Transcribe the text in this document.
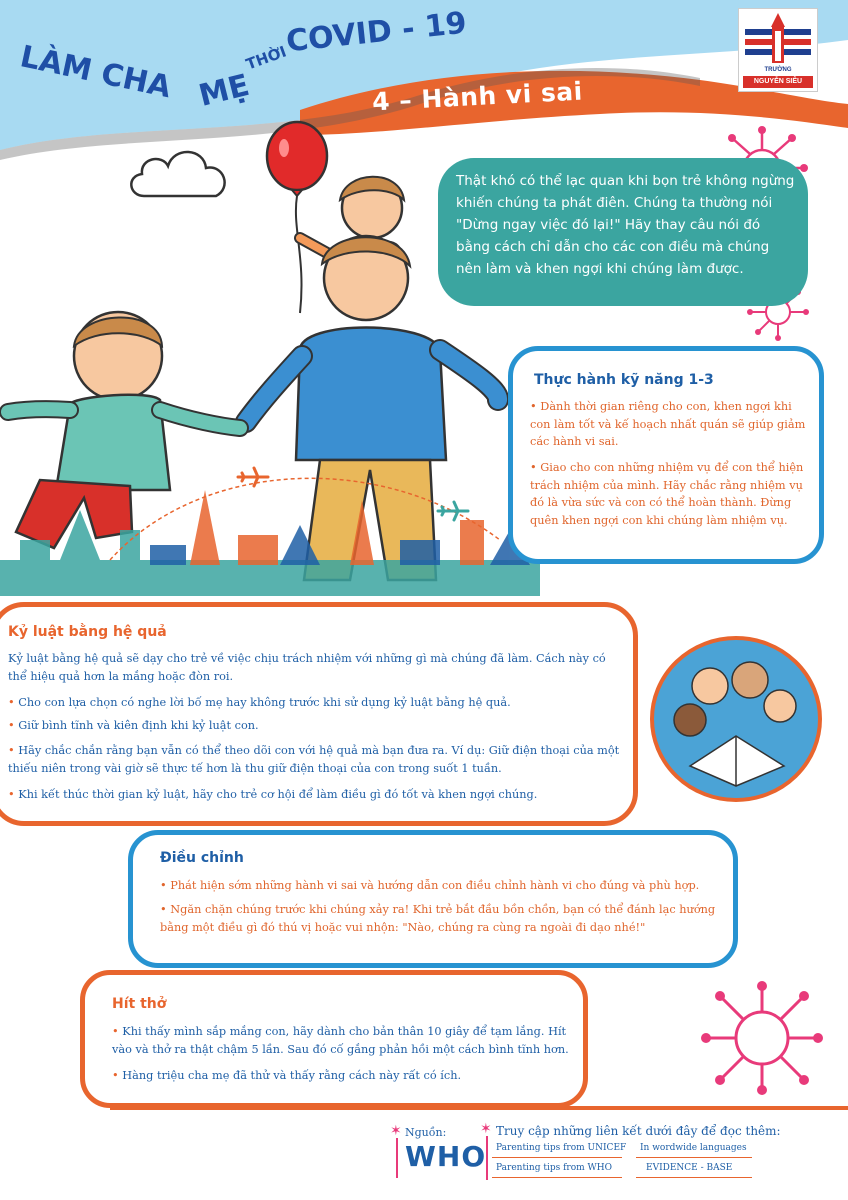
LÀM CHA MẸ
THỜI
COVID - 19
4 – Hành vi sai
TRƯỜNG
NGUYỄN SIÊU
Thật khó có thể lạc quan khi bọn trẻ không ngừng khiến chúng ta phát điên. Chúng ta thường nói "Dừng ngay việc đó lại!" Hãy thay câu nói đó bằng cách chỉ dẫn cho các con điều mà chúng nên làm và khen ngợi khi chúng làm được.
Thực hành kỹ năng 1-3
• Dành thời gian riêng cho con, khen ngợi khi con làm tốt và kế hoạch nhất quán sẽ giúp giảm các hành vi sai.
• Giao cho con những nhiệm vụ để con thể hiện trách nhiệm của mình. Hãy chắc rằng nhiệm vụ đó là vừa sức và con có thể hoàn thành. Đừng quên khen ngợi con khi chúng làm nhiệm vụ.
Kỷ luật bằng hệ quả
Kỷ luật bằng hệ quả sẽ dạy cho trẻ về việc chịu trách nhiệm với những gì mà chúng đã làm. Cách này có thể hiệu quả hơn la mắng hoặc đòn roi.
• Cho con lựa chọn có nghe lời bố mẹ hay không trước khi sử dụng kỷ luật bằng hệ quả.
• Giữ bình tĩnh và kiên định khi kỷ luật con.
• Hãy chắc chắn rằng bạn vẫn có thể theo dõi con với hệ quả mà bạn đưa ra. Ví dụ: Giữ điện thoại của một thiếu niên trong vài giờ sẽ thực tế hơn là thu giữ điện thoại của con trong suốt 1 tuần.
• Khi kết thúc thời gian kỷ luật, hãy cho trẻ cơ hội để làm điều gì đó tốt và khen ngợi chúng.
Điều chỉnh
• Phát hiện sớm những hành vi sai và hướng dẫn con điều chỉnh hành vi cho đúng và phù hợp.
• Ngăn chặn chúng trước khi chúng xảy ra! Khi trẻ bắt đầu bồn chồn, bạn có thể đánh lạc hướng bằng một điều gì đó thú vị hoặc vui nhộn: "Nào, chúng ra cùng ra ngoài đi dạo nhé!"
Hít thở
• Khi thấy mình sắp mắng con, hãy dành cho bản thân 10 giây để tạm lắng. Hít vào và thở ra thật chậm 5 lần. Sau đó cố gắng phản hồi một cách bình tĩnh hơn.
• Hàng triệu cha mẹ đã thử và thấy rằng cách này rất có ích.
✶ Nguồn:
WHO
✶ Truy cập những liên kết dưới đây để đọc thêm:
Parenting tips from UNICEF In wordwide languages
Parenting tips from WHO	EVIDENCE - BASE
